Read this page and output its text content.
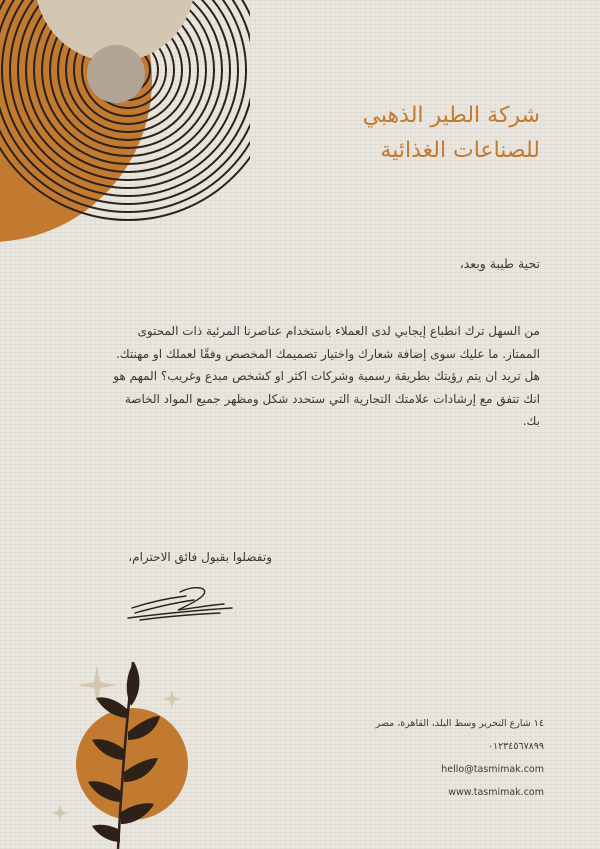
شركة الطير الذهبي
للصناعات الغذائية
تحية طيبة وبعد،
من السهل ترك انطباع إيجابي لدى العملاء باستخدام عناصرنا المرئية ذات المحتوى الممتاز. ما عليك سوى إضافة شعارك واختيار تصميمك المخصص وفقًا لعملك او مهنتك. هل تريد ان يتم رؤيتك بطريقة رسمية وشركات اكثر او كشخص مبدع وغريب؟ المهم هو انك تتفق مع إرشادات علامتك التجارية التي ستحدد شكل ومظهر جميع المواد الخاصة بك.
وتفضلوا بقبول فائق الاحترام،
١٤ شارع التحرير وسط البلد، القاهرة، مصر
٠١٢٣٤٥٦٧٨٩٩
hello@tasmimak.com
www.tasmimak.com
